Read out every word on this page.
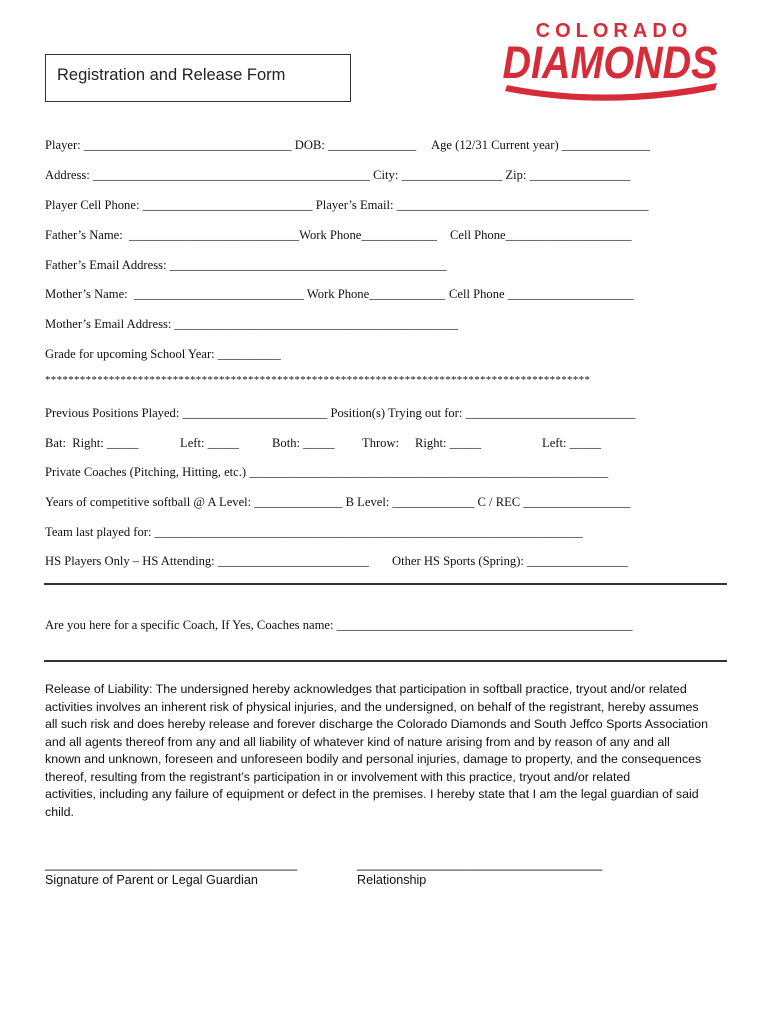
Registration and Release Form
COLORADO
DIAMONDS
Player: _________________________________ DOB: ______________ Age (12/31 Current year) ______________
Address: ____________________________________________ City: ________________ Zip: ________________
Player Cell Phone: ___________________________ Player’s Email: ________________________________________
Father’s Name:  ___________________________Work Phone____________ Cell Phone____________________
Father’s Email Address: ____________________________________________
Mother’s Name:  ___________________________ Work Phone____________ Cell Phone ____________________
Mother’s Email Address: _____________________________________________
Grade for upcoming School Year: __________
**********************************************************************************************
Previous Positions Played: _______________________ Position(s) Trying out for: ___________________________
Bat:  Right: _____	Left: _____	Both: _____ Throw: Right: _____	Left: _____
Private Coaches (Pitching, Hitting, etc.) _________________________________________________________
Years of competitive softball @ A Level: ______________ B Level: _____________ C / REC _________________
Team last played for: ____________________________________________________________________
HS Players Only – HS Attending: ________________________ Other HS Sports (Spring): ________________
Are you here for a specific Coach, If Yes, Coaches name: _______________________________________________
Release of Liability: The undersigned hereby acknowledges that participation in softball practice, tryout and/or related
activities involves an inherent risk of physical injuries, and the undersigned, on behalf of the registrant, hereby assumes
all such risk and does hereby release and forever discharge the Colorado Diamonds and South Jeffco Sports Association
and all agents thereof from any and all liability of whatever kind of nature arising from and by reason of any and all
known and unknown, foreseen and unforeseen bodily and personal injuries, damage to property, and the consequences
thereof, resulting from the registrant’s participation in or involvement with this practice, tryout and/or related
activities, including any failure of equipment or defect in the premises. I hereby state that I am the legal guardian of said
child.
____________________________________
Signature of Parent or Legal Guardian
___________________________________
Relationship
